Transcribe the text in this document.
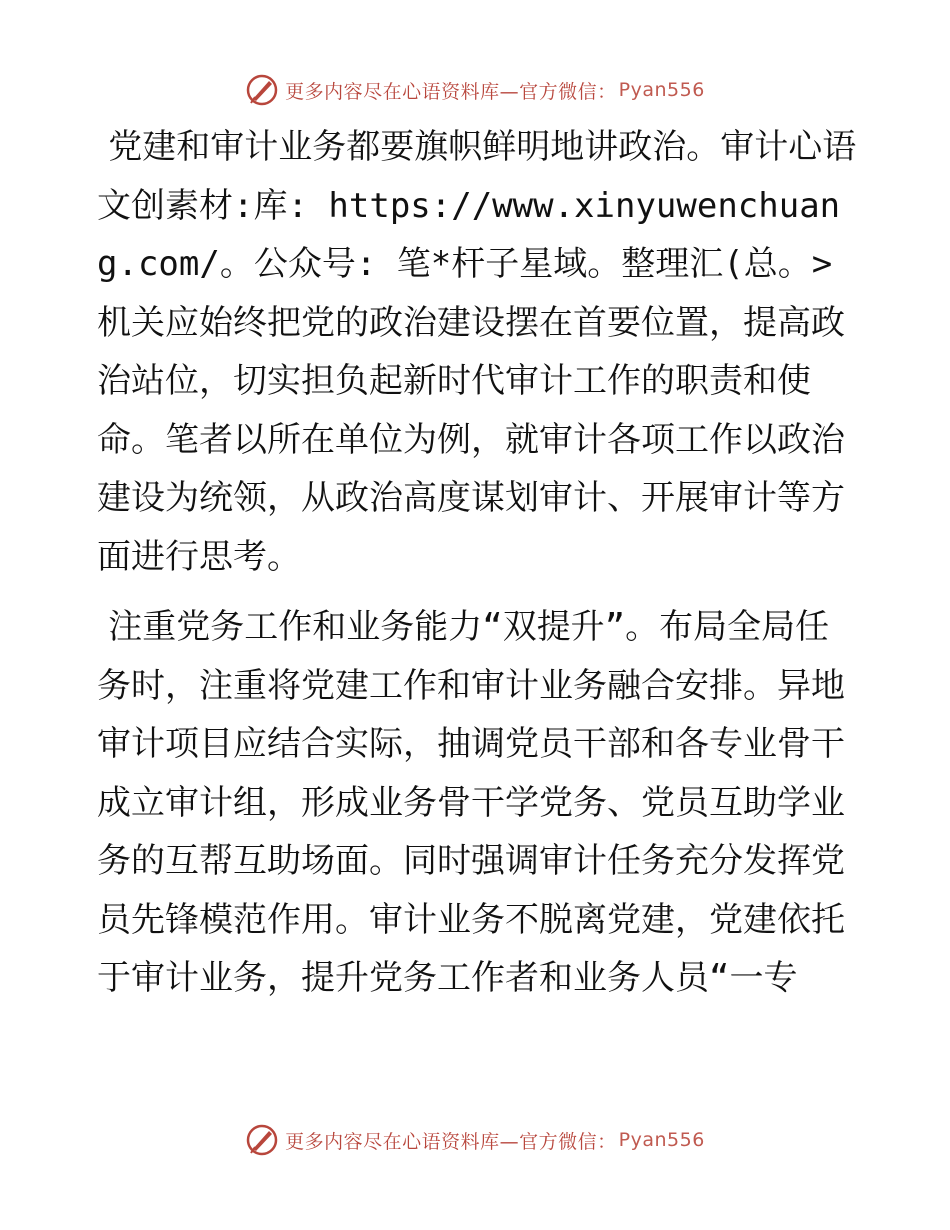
更多内容尽在心语资料库—官方微信： Pyan556

党建和审计业务都要旗帜鲜明地讲政治。审计心语文创素材:库: https://www.xinyuwenchuang.com/。公众号: 笔*杆子星域。整理汇(总。>机关应始终把党的政治建设摆在首要位置，提高政治站位，切实担负起新时代审计工作的职责和使命。笔者以所在单位为例，就审计各项工作以政治建设为统领，从政治高度谋划审计、开展审计等方面进行思考。

注重党务工作和业务能力“双提升”。布局全局任务时，注重将党建工作和审计业务融合安排。异地审计项目应结合实际，抽调党员干部和各专业骨干成立审计组，形成业务骨干学党务、党员互助学业务的互帮互助场面。同时强调审计任务充分发挥党员先锋模范作用。审计业务不脱离党建，党建依托于审计业务，提升党务工作者和业务人员“一专

更多内容尽在心语资料库—官方微信： Pyan556
